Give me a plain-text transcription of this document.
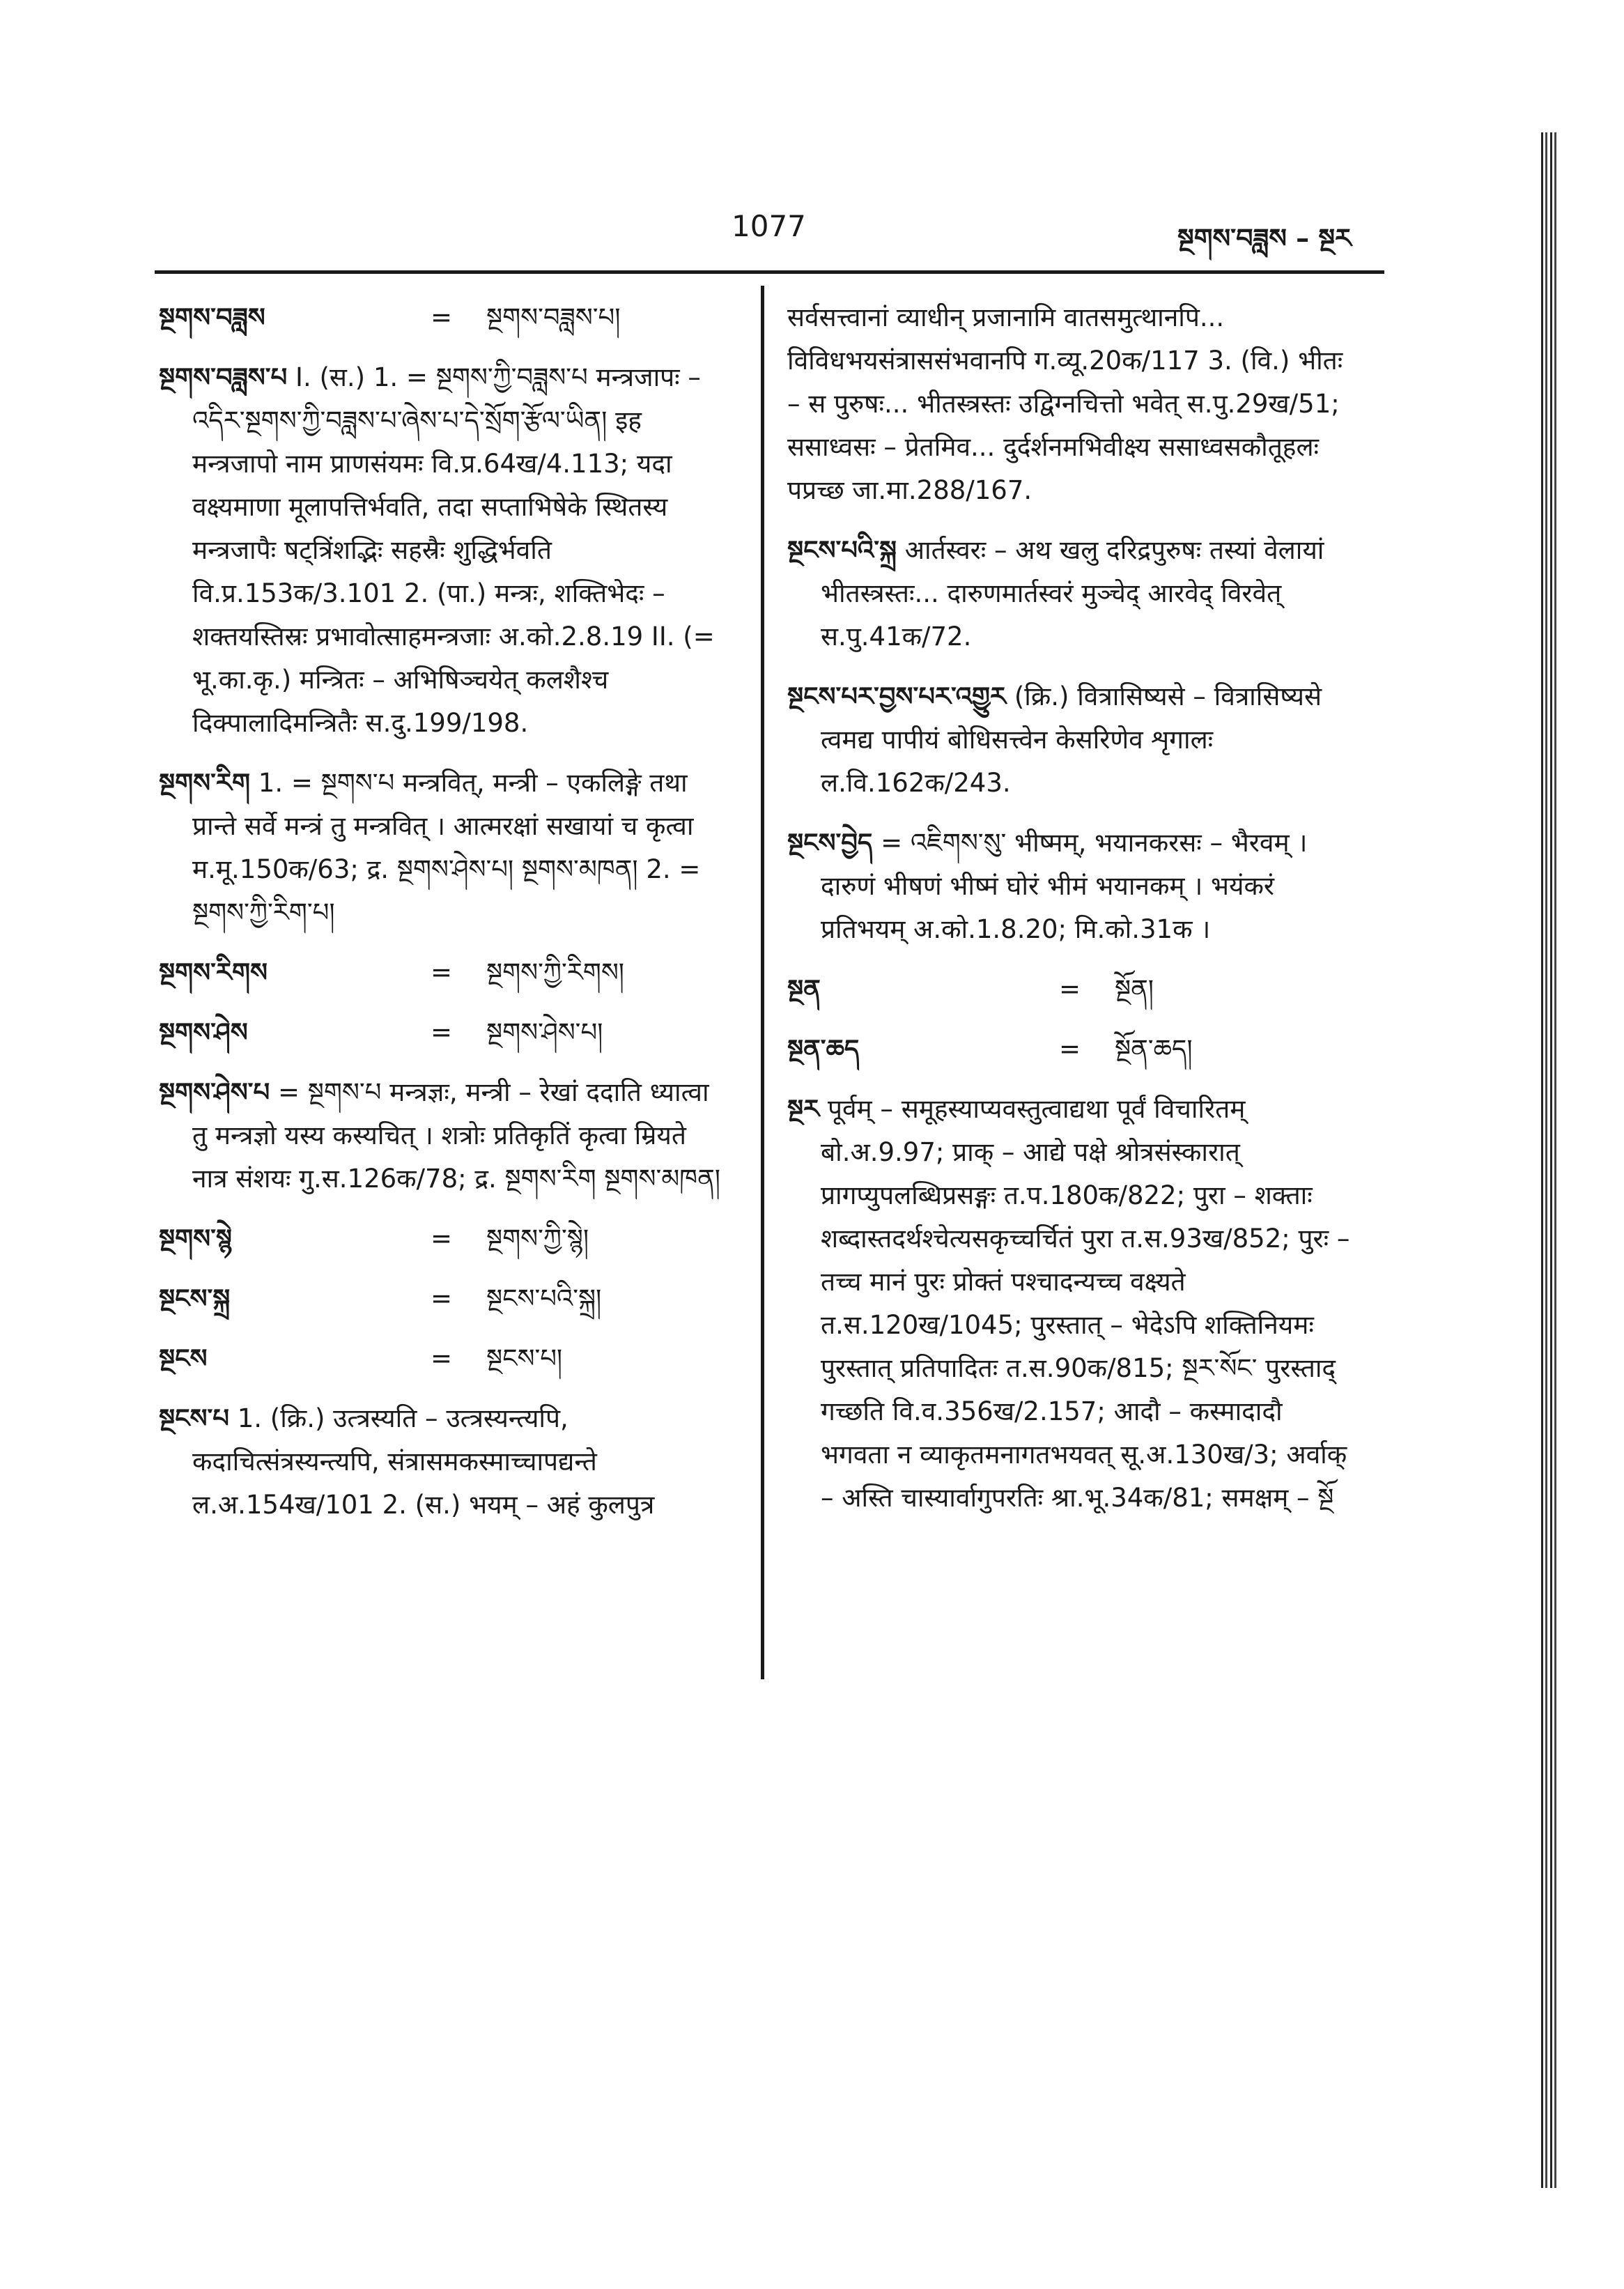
1077	སྔགས་བཟླས – སྔར
སྔགས་བཟླས	=	སྔགས་བཟླས་པ།
སྔགས་བཟླས་པ I. (स.) 1. = སྔགས་ཀྱི་བཟླས་པ मन्त्रजापः – འདིར་སྔགས་ཀྱི་བཟླས་པ་ཞེས་པ་དེ་སྲོག་རྩོལ་ཡིན། इह मन्त्रजापो नाम प्राणसंयमः वि.प्र.64ख/4.113; यदा वक्ष्यमाणा मूलापत्तिर्भवति, तदा सप्ताभिषेके स्थितस्य मन्त्रजापैः षट्त्रिंशद्भिः सहस्रैः शुद्धिर्भवति वि.प्र.153क/3.101 2. (पा.) मन्त्रः, शक्तिभेदः – शक्तयस्तिस्रः प्रभावोत्साहमन्त्रजाः अ.को.2.8.19 II. (= भू.का.कृ.) मन्त्रितः – अभिषिञ्चयेत् कलशैश्च दिक्पालादिमन्त्रितैः स.दु.199/198.
སྔགས་རིག 1. = སྔགས་པ मन्त्रवित्, मन्त्री – एकलिङ्गे तथा प्रान्ते सर्वे मन्त्रं तु मन्त्रवित् । आत्मरक्षां सखायां च कृत्वा म.मू.150क/63; द्र. སྔགས་ཤེས་པ། སྔགས་མཁན། 2. = སྔགས་ཀྱི་རིག་པ།
སྔགས་རིགས	=	སྔགས་ཀྱི་རིགས།
སྔགས་ཤེས	=	སྔགས་ཤེས་པ།
སྔགས་ཤེས་པ = སྔགས་པ मन्त्रज्ञः, मन्त्री – रेखां ददाति ध्यात्वा तु मन्त्रज्ञो यस्य कस्यचित् । शत्रोः प्रतिकृतिं कृत्वा म्रियते नात्र संशयः गु.स.126क/78; द्र. སྔགས་རིག སྔགས་མཁན།
སྔགས་སྙེ	=	སྔགས་ཀྱི་སྙེ།
སྔངས་སྐྲ	=	སྔངས་པའི་སྐྲ།
སྔངས	=	སྔངས་པ།
སྔངས་པ 1. (क्रि.) उत्त्रस्यति – उत्त्रस्यन्त्यपि, कदाचित्संत्रस्यन्त्यपि, संत्रासमकस्माच्चापद्यन्ते ल.अ.154ख/101 2. (स.) भयम् – अहं कुलपुत्र
सर्वसत्त्वानां व्याधीन् प्रजानामि वातसमुत्थानपि... विविधभयसंत्राससंभवानपि ग.व्यू.20क/117 3. (वि.) भीतः – स पुरुषः... भीतस्त्रस्तः उद्विग्नचित्तो भवेत् स.पु.29ख/51; ससाध्वसः – प्रेतमिव... दुर्दर्शनमभिवीक्ष्य ससाध्वसकौतूहलः पप्रच्छ जा.मा.288/167.
སྔངས་པའི་སྐྲ आर्तस्वरः – अथ खलु दरिद्रपुरुषः तस्यां वेलायां भीतस्त्रस्तः... दारुणमार्तस्वरं मुञ्चेद् आरवेद् विरवेत् स.पु.41क/72.
སྔངས་པར་བྱས་པར་འགྱུར (क्रि.) वित्रासिष्यसे – वित्रासिष्यसे त्वमद्य पापीयं बोधिसत्त्वेन केसरिणेव शृगालः ल.वि.162क/243.
སྔངས་བྱེད = འཇིགས་སུ་ भीष्मम्, भयानकरसः – भैरवम् । दारुणं भीषणं भीष्मं घोरं भीमं भयानकम् । भयंकरं प्रतिभयम् अ.को.1.8.20; मि.को.31क ।
སྔན	=	སྔོན།
སྔན་ཆད	=	སྔོན་ཆད།
སྔར पूर्वम् – समूहस्याप्यवस्तुत्वाद्यथा पूर्वं विचारितम् बो.अ.9.97; प्राक् – आद्ये पक्षे श्रोत्रसंस्कारात् प्रागप्युपलब्धिप्रसङ्गः त.प.180क/822; पुरा – शक्ताः शब्दास्तदर्थश्चेत्यसकृच्चर्चितं पुरा त.स.93ख/852; पुरः – तच्च मानं पुरः प्रोक्तं पश्चादन्यच्च वक्ष्यते त.स.120ख/1045; पुरस्तात् – भेदेऽपि शक्तिनियमः पुरस्तात् प्रतिपादितः त.स.90क/815; སྔར་སོང་ पुरस्ताद् गच्छति वि.व.356ख/2.157; आदौ – कस्मादादौ भगवता न व्याकृतमनागतभयवत् सू.अ.130ख/3; अर्वाक् – अस्ति चास्यार्वागुपरतिः श्रा.भू.34क/81; समक्षम् – སྔོ
